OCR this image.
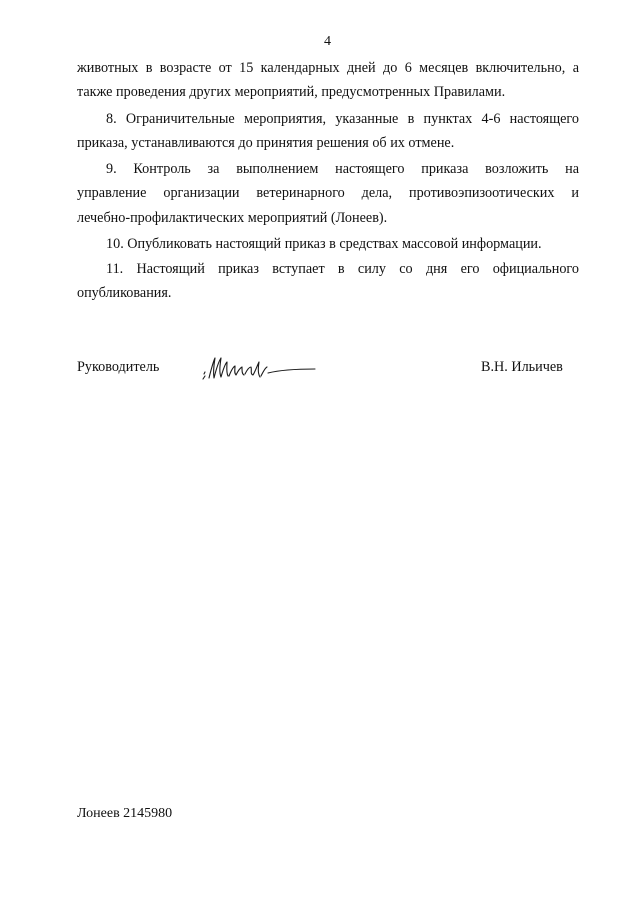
4
животных в возрасте от 15 календарных дней до 6 месяцев включительно, а
также проведения других мероприятий, предусмотренных Правилами.
8. Ограничительные мероприятия, указанные в пунктах 4-6 настоящего
приказа, устанавливаются до принятия решения об их отмене.
9. Контроль за выполнением настоящего приказа возложить на
управление организации ветеринарного дела, противоэпизоотических и
лечебно-профилактических мероприятий (Лонеев).
10. Опубликовать настоящий приказ в средствах массовой информации.
11. Настоящий приказ вступает в силу со дня его официального
опубликования.
Руководитель	В.Н. Ильичев
Лонеев 2145980
